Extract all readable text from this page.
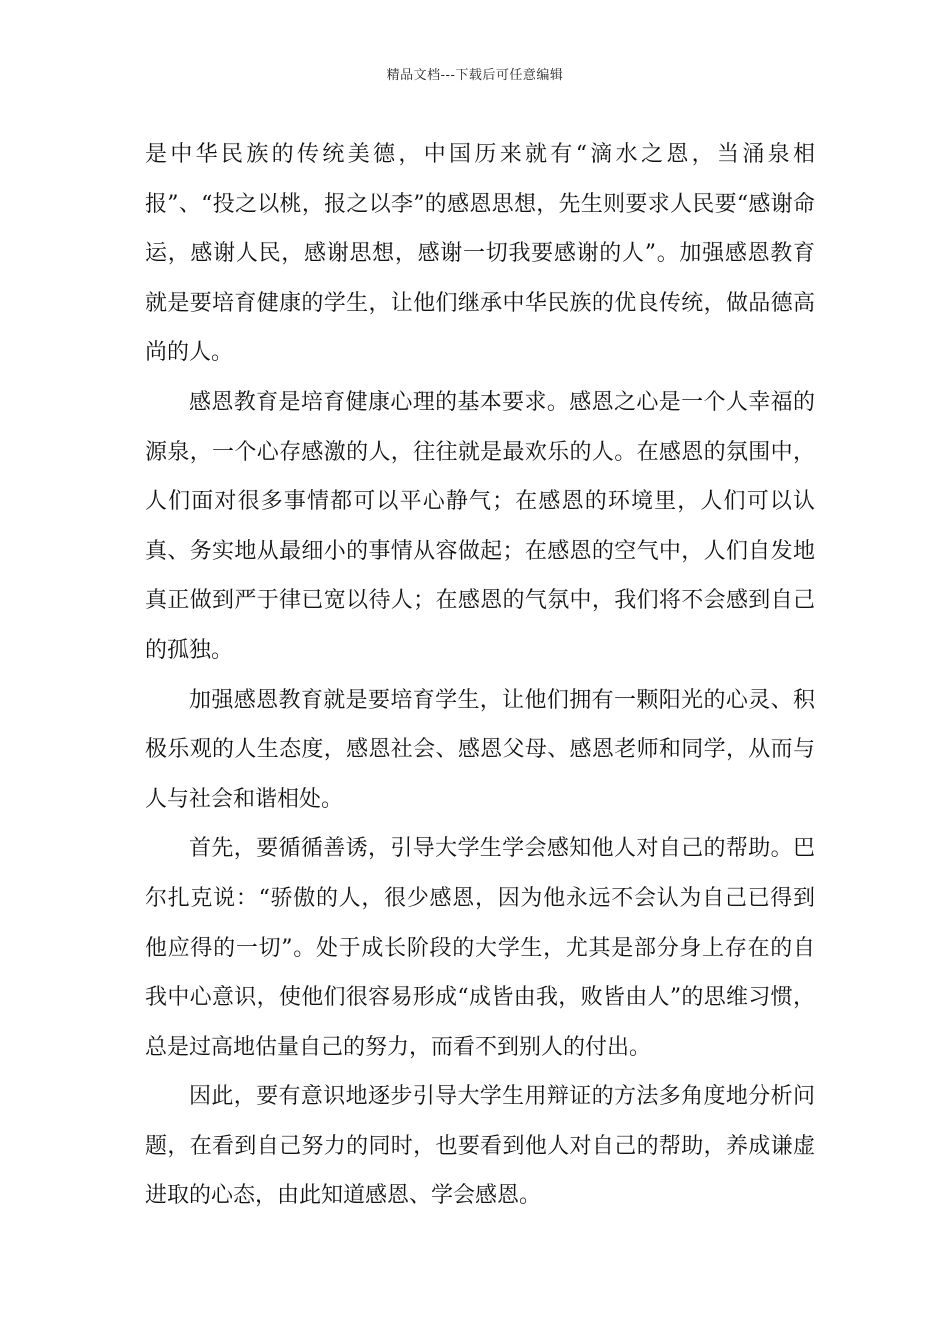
精品文档---下载后可任意编辑

是中华民族的传统美德，中国历来就有“滴水之恩，当涌泉相报”、“投之以桃，报之以李”的感恩思想，先生则要求人民要“感谢命运，感谢人民，感谢思想，感谢一切我要感谢的人”。加强感恩教育就是要培育健康的学生，让他们继承中华民族的优良传统，做品德高尚的人。

感恩教育是培育健康心理的基本要求。感恩之心是一个人幸福的源泉，一个心存感激的人，往往就是最欢乐的人。在感恩的氛围中，人们面对很多事情都可以平心静气；在感恩的环境里，人们可以认真、务实地从最细小的事情从容做起；在感恩的空气中，人们自发地真正做到严于律已宽以待人；在感恩的气氛中，我们将不会感到自己的孤独。

加强感恩教育就是要培育学生，让他们拥有一颗阳光的心灵、积极乐观的人生态度，感恩社会、感恩父母、感恩老师和同学，从而与人与社会和谐相处。

首先，要循循善诱，引导大学生学会感知他人对自己的帮助。巴尔扎克说：“骄傲的人，很少感恩，因为他永远不会认为自己已得到他应得的一切”。处于成长阶段的大学生，尤其是部分身上存在的自我中心意识，使他们很容易形成“成皆由我，败皆由人”的思维习惯，总是过高地估量自己的努力，而看不到别人的付出。

因此，要有意识地逐步引导大学生用辩证的方法多角度地分析问题，在看到自己努力的同时，也要看到他人对自己的帮助，养成谦虚进取的心态，由此知道感恩、学会感恩。
